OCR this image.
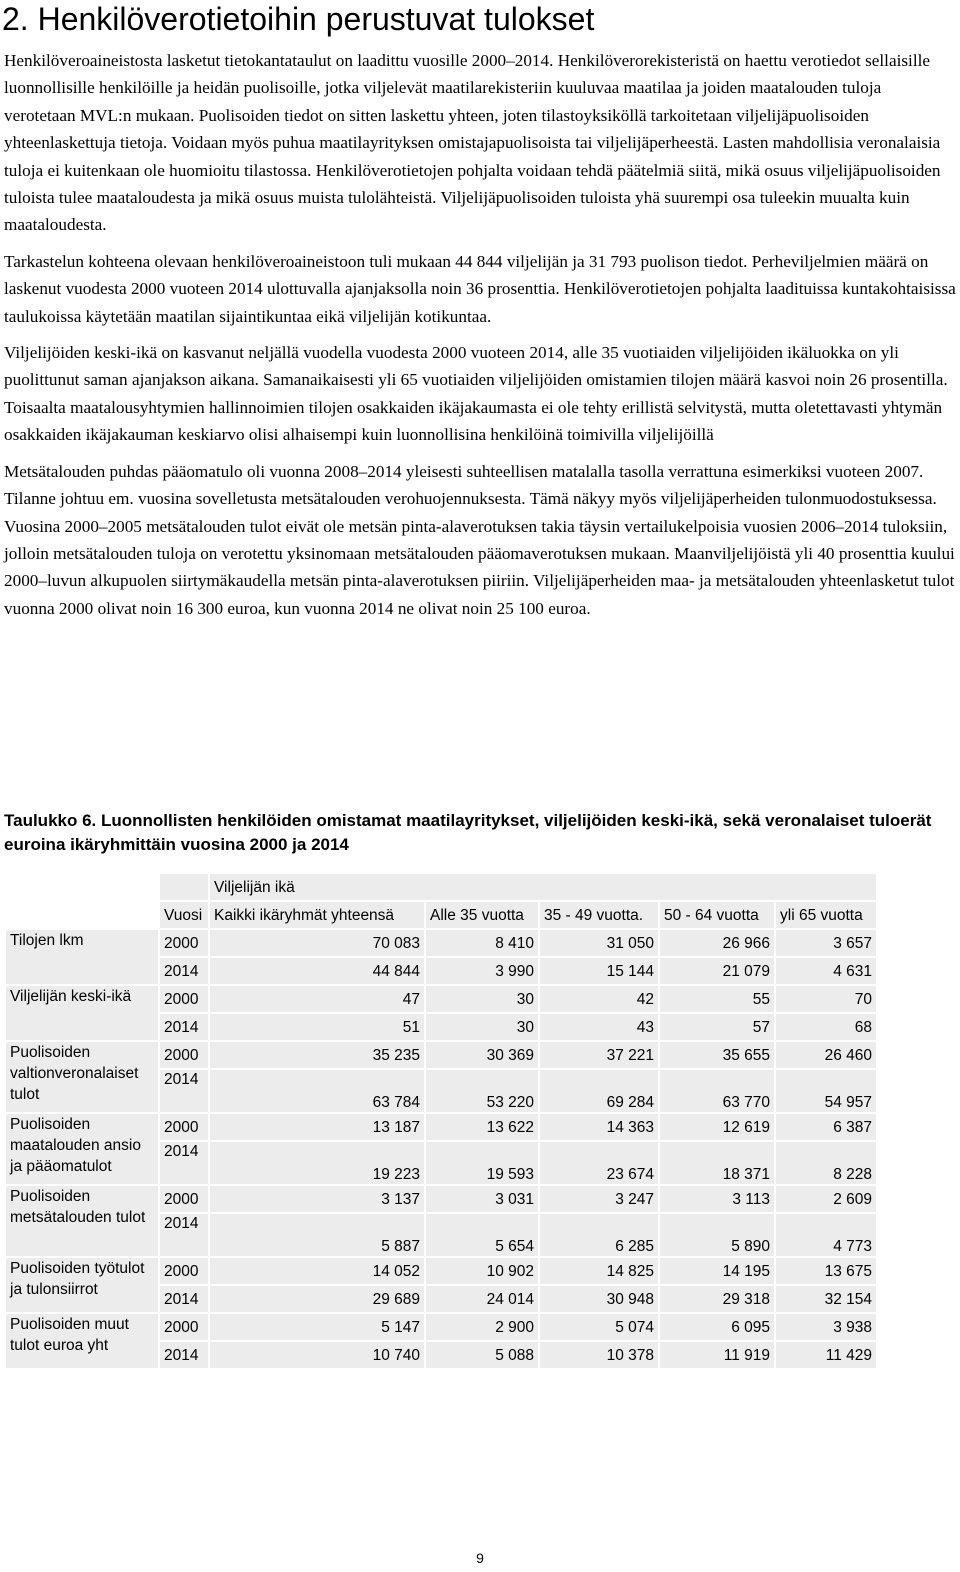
2. Henkilöverotietoihin perustuvat tulokset

Henkilöveroaineistosta lasketut tietokantataulut on laadittu vuosille 2000–2014. Henkilöverorekisteristä on haettu verotiedot sellaisille luonnollisille henkilöille ja heidän puolisoille, jotka viljelevät maatilarekisteriin kuuluvaa maatilaa ja joiden maatalouden tuloja verotetaan MVL:n mukaan. Puolisoiden tiedot on sitten laskettu yhteen, joten tilastoyksiköllä tarkoitetaan viljelijäpuolisoiden yhteenlaskettuja tietoja. Voidaan myös puhua maatilayrityksen omistajapuolisoista tai viljelijäperheestä. Lasten mahdollisia veronalaisia tuloja ei kuitenkaan ole huomioitu tilastossa. Henkilöverotietojen pohjalta voidaan tehdä päätelmiä siitä, mikä osuus viljelijäpuolisoiden tuloista tulee maataloudesta ja mikä osuus muista tulolähteistä. Viljelijäpuolisoiden tuloista yhä suurempi osa tuleekin muualta kuin maataloudesta.

Tarkastelun kohteena olevaan henkilöveroaineistoon tuli mukaan 44 844 viljelijän ja 31 793 puolison tiedot. Perheviljelmien määrä on laskenut vuodesta 2000 vuoteen 2014 ulottuvalla ajanjaksolla noin 36 prosenttia. Henkilöverotietojen pohjalta laadituissa kuntakohtaisissa taulukoissa käytetään maatilan sijaintikuntaa eikä viljelijän kotikuntaa.

Viljelijöiden keski-ikä on kasvanut neljällä vuodella vuodesta 2000 vuoteen 2014, alle 35 vuotiaiden viljelijöiden ikäluokka on yli puolittunut saman ajanjakson aikana. Samanaikaisesti yli 65 vuotiaiden viljelijöiden omistamien tilojen määrä kasvoi noin 26 prosentilla. Toisaalta maatalousyhtymien hallinnoimien tilojen osakkaiden ikäjakaumasta ei ole tehty erillistä selvitystä, mutta oletettavasti yhtymän osakkaiden ikäjakauman keskiarvo olisi alhaisempi kuin luonnollisina henkilöinä toimivilla viljelijöillä

Metsätalouden puhdas pääomatulo oli vuonna 2008–2014 yleisesti suhteellisen matalalla tasolla verrattuna esimerkiksi vuoteen 2007. Tilanne johtuu em. vuosina sovelletusta metsätalouden verohuojennuksesta. Tämä näkyy myös viljelijäperheiden tulonmuodostuksessa. Vuosina 2000–2005 metsätalouden tulot eivät ole metsän pinta-alaverotuksen takia täysin vertailukelpoisia vuosien 2006–2014 tuloksiin, jolloin metsätalouden tuloja on verotettu yksinomaan metsätalouden pääomaverotuksen mukaan. Maanviljelijöistä yli 40 prosenttia kuului 2000–luvun alkupuolen siirtymäkaudella metsän pinta-alaverotuksen piiriin. Viljelijäperheiden maa- ja metsätalouden yhteenlasketut tulot vuonna 2000 olivat noin 16 300 euroa, kun vuonna 2014 ne olivat noin 25 100 euroa.

Taulukko 6. Luonnollisten henkilöiden omistamat maatilayritykset, viljelijöiden keski-ikä, sekä veronalaiset tuloerät euroina ikäryhmittäin vuosina 2000 ja 2014
		Viljelijän ikä				
	Vuosi	Kaikki ikäryhmät yhteensä	Alle 35 vuotta	35 - 49 vuotta.	50 - 64 vuotta	yli 65 vuotta

Tilojen lkm	2000	70 083	8 410	31 050	26 966	3 657
	2014	44 844	3 990	15 144	21 079	4 631

Viljelijän keski-ikä	2000	47	30	42	55	70
	2014	51	30	43	57	68

Puolisoiden valtionveronalaiset tulot	2000	35 235	30 369	37 221	35 655	26 460
	2014	63 784	53 220	69 284	63 770	54 957

Puolisoiden maatalouden ansio ja pääomatulot	2000	13 187	13 622	14 363	12 619	6 387
	2014	19 223	19 593	23 674	18 371	8 228

Puolisoiden metsätalouden tulot	2000	3 137	3 031	3 247	3 113	2 609
	2014	5 887	5 654	6 285	5 890	4 773

Puolisoiden työtulot ja tulonsiirrot	2000	14 052	10 902	14 825	14 195	13 675
	2014	29 689	24 014	30 948	29 318	32 154

Puolisoiden muut tulot euroa yht	2000	5 147	2 900	5 074	6 095	3 938
	2014	10 740	5 088	10 378	11 919	11 429
9
